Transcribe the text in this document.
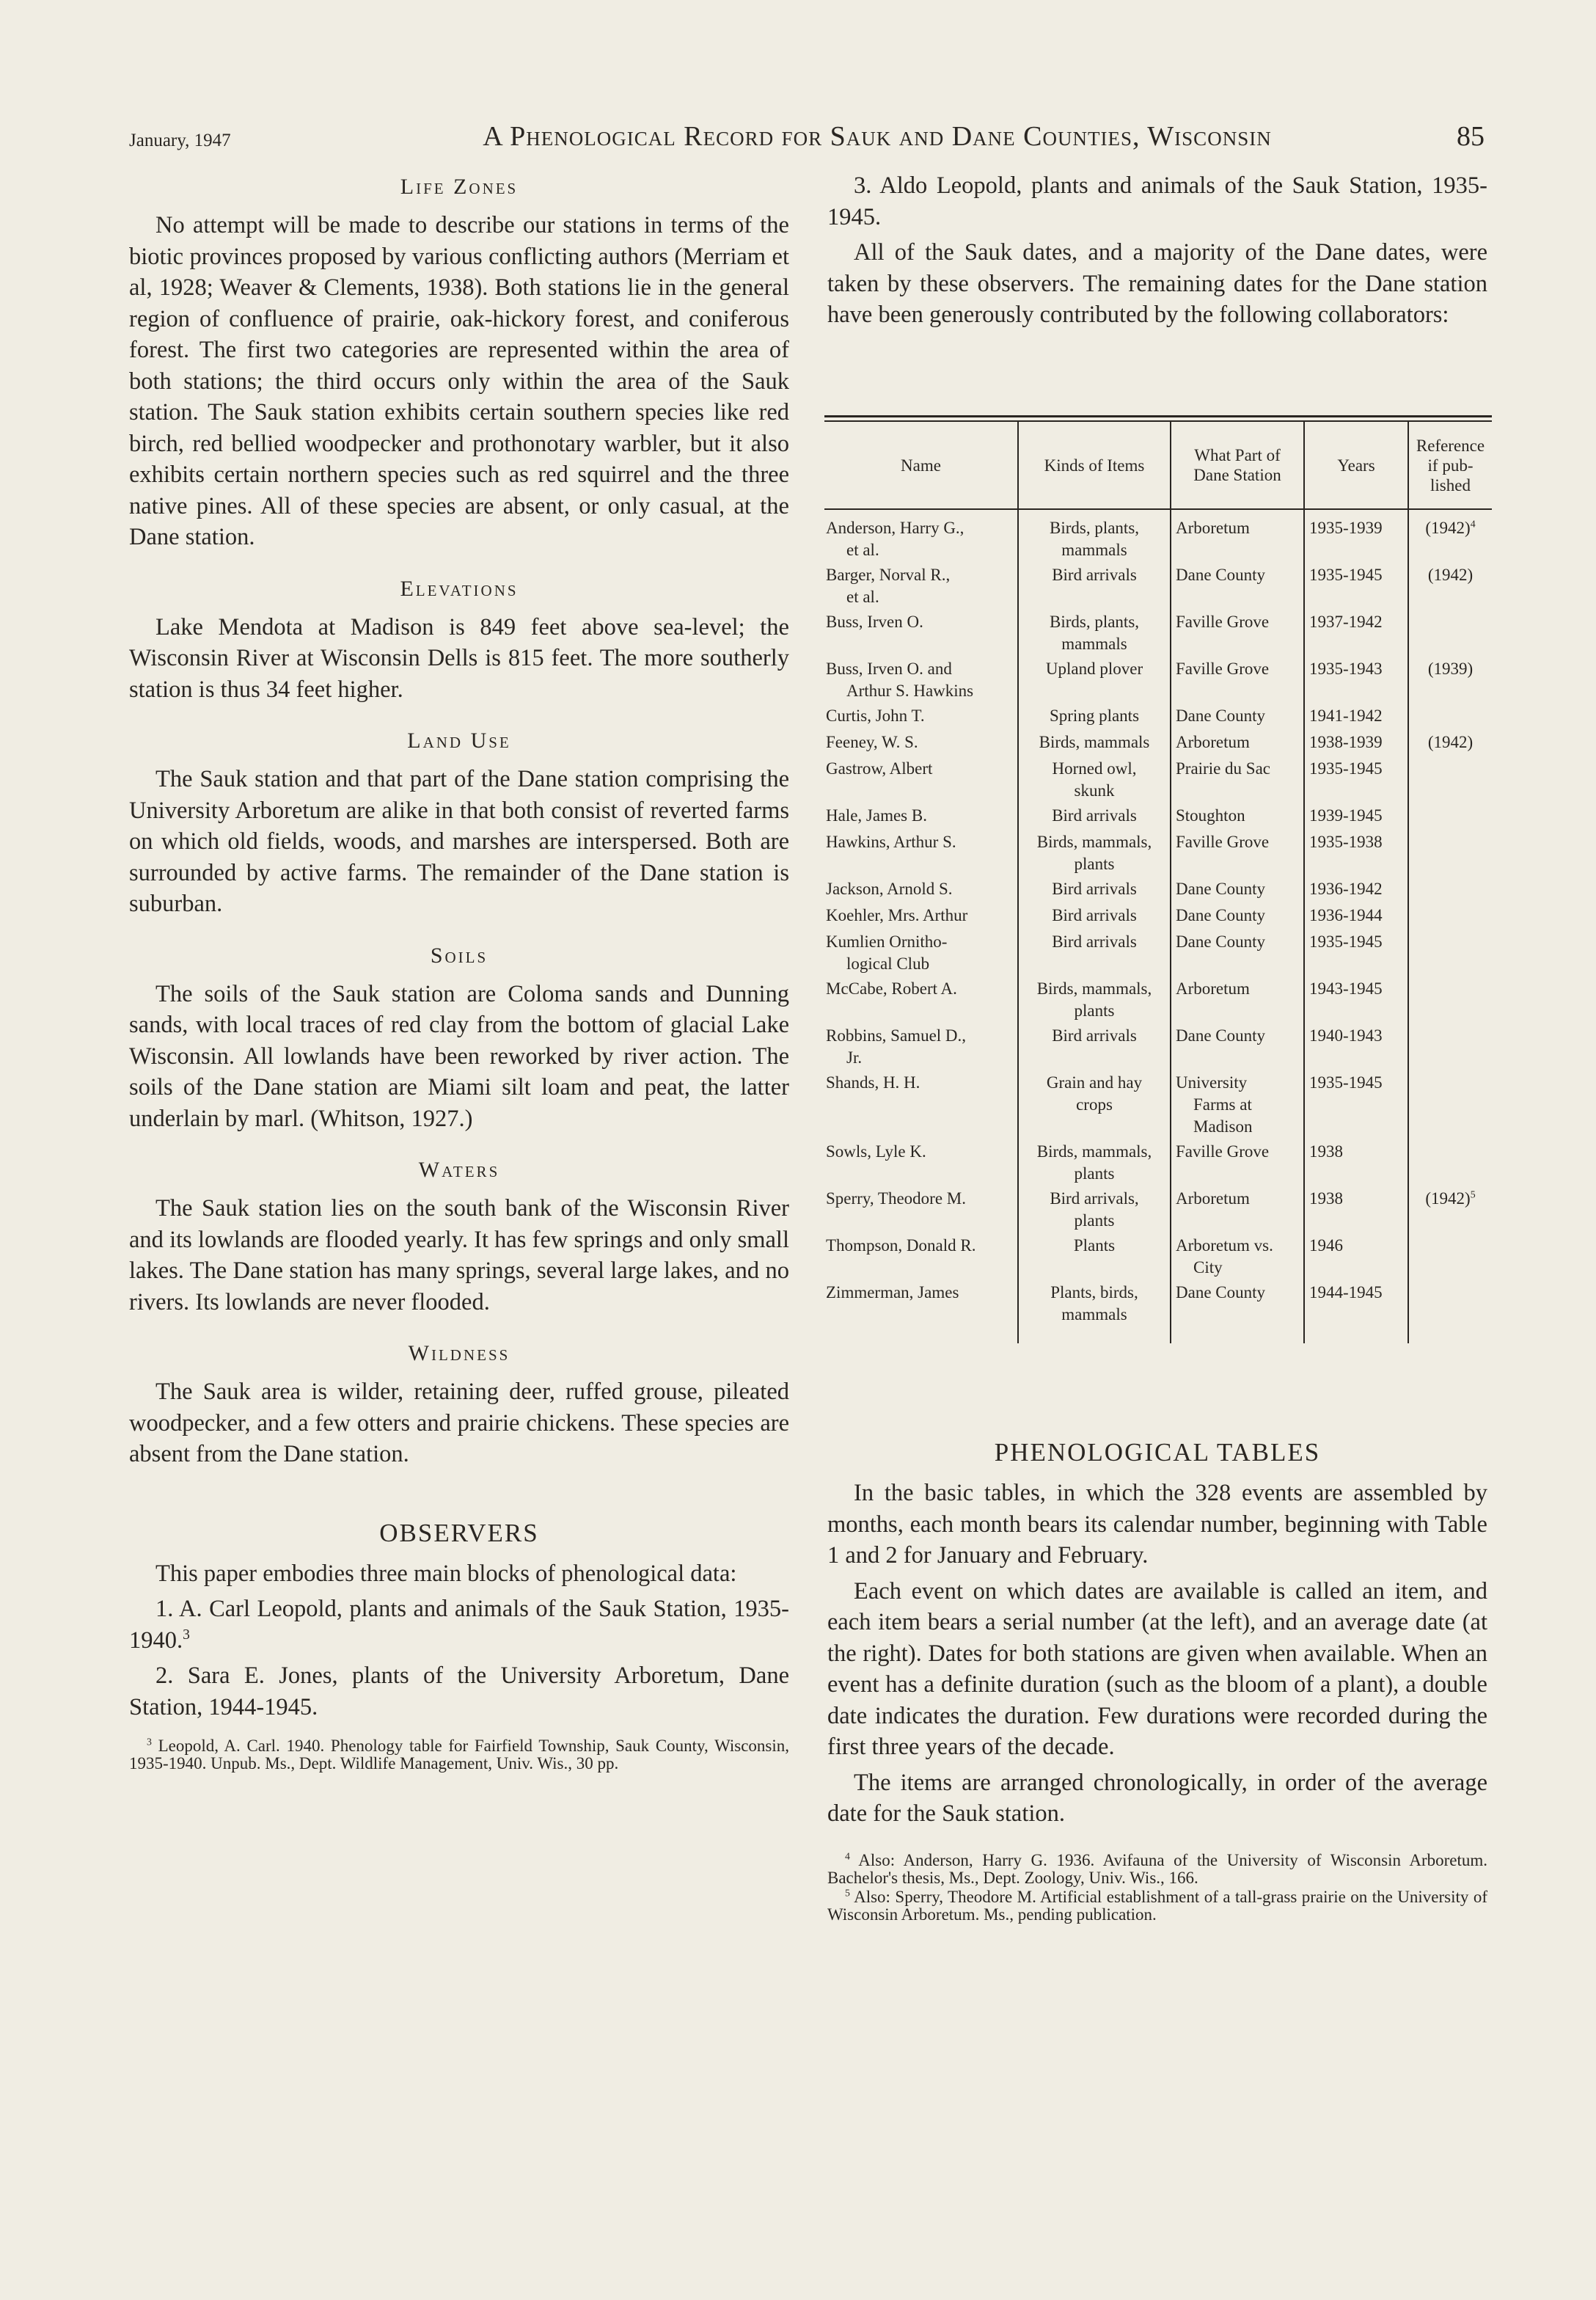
January, 1947	A Phenological Record for Sauk and Dane Counties, Wisconsin	85
Life Zones

No attempt will be made to describe our stations in terms of the biotic provinces proposed by various conflicting authors (Merriam et al, 1928; Weaver & Clements, 1938). Both stations lie in the general region of confluence of prairie, oak-hickory forest, and coniferous forest. The first two categories are represented within the area of both stations; the third occurs only within the area of the Sauk station. The Sauk station exhibits certain southern species like red birch, red bellied woodpecker and prothonotary warbler, but it also exhibits certain northern species such as red squirrel and the three native pines. All of these species are absent, or only casual, at the Dane station.

Elevations

Lake Mendota at Madison is 849 feet above sea-level; the Wisconsin River at Wisconsin Dells is 815 feet. The more southerly station is thus 34 feet higher.

Land Use

The Sauk station and that part of the Dane station comprising the University Arboretum are alike in that both consist of reverted farms on which old fields, woods, and marshes are interspersed. Both are surrounded by active farms. The remainder of the Dane station is suburban.

Soils

The soils of the Sauk station are Coloma sands and Dunning sands, with local traces of red clay from the bottom of glacial Lake Wisconsin. All lowlands have been reworked by river action. The soils of the Dane station are Miami silt loam and peat, the latter underlain by marl. (Whitson, 1927.)

Waters

The Sauk station lies on the south bank of the Wisconsin River and its lowlands are flooded yearly. It has few springs and only small lakes. The Dane station has many springs, several large lakes, and no rivers. Its lowlands are never flooded.

Wildness

The Sauk area is wilder, retaining deer, ruffed grouse, pileated woodpecker, and a few otters and prairie chickens. These species are absent from the Dane station.

OBSERVERS

This paper embodies three main blocks of phenological data:

1. A. Carl Leopold, plants and animals of the Sauk Station, 1935-1940.$^3$

2. Sara E. Jones, plants of the University Arboretum, Dane Station, 1944-1945.

$^3$ Leopold, A. Carl. 1940. Phenology table for Fairfield Township, Sauk County, Wisconsin, 1935-1940. Unpub. Ms., Dept. Wildlife Management, Univ. Wis., 30 pp.

3. Aldo Leopold, plants and animals of the Sauk Station, 1935-1945.

All of the Sauk dates, and a majority of the Dane dates, were taken by these observers. The remaining dates for the Dane station have been generously contributed by the following collaborators:

Name	Kinds of Items	What Part of Dane Station	Years	Reference if pub-lished
Anderson, Harry G.,
et al.	Birds, plants,
mammals	Arboretum	1935-1939	$(1942)^4$
Barger, Norval R.,
et al.	Bird arrivals	Dane County	1935-1945	(1942)
Buss, Irven O.	Birds, plants,
mammals	Faville Grove	1937-1942	
Buss, Irven O. and
Arthur S. Hawkins	Upland plover	Faville Grove	1935-1943	(1939)
Curtis, John T.	Spring plants	Dane County	1941-1942	
Feeney, W. S.	Birds, mammals	Arboretum	1938-1939	(1942)
Gastrow, Albert	Horned owl,
skunk	Prairie du Sac	1935-1945	
Hale, James B.	Bird arrivals	Stoughton	1939-1945	
Hawkins, Arthur S.	Birds, mammals,
plants	Faville Grove	1935-1938	
Jackson, Arnold S.	Bird arrivals	Dane County	1936-1942	
Koehler, Mrs. Arthur	Bird arrivals	Dane County	1936-1944	
Kumlien Ornitho-
logical Club	Bird arrivals	Dane County	1935-1945	
McCabe, Robert A.	Birds, mammals,
plants	Arboretum	1943-1945	
Robbins, Samuel D.,
Jr.	Bird arrivals	Dane County	1940-1943	
Shands, H. H.	Grain and hay
crops	University
Farms at Madison	1935-1945	
Sowls, Lyle K.	Birds, mammals,
plants	Faville Grove	1938	
Sperry, Theodore M.	Bird arrivals,
plants	Arboretum	1938	$(1942)^5$
Thompson, Donald R.	Plants	Arboretum vs.
City	1946	
Zimmerman, James	Plants, birds,
mammals	Dane County	1944-1945	
PHENOLOGICAL TABLES

In the basic tables, in which the 328 events are assembled by months, each month bears its calendar number, beginning with Table 1 and 2 for January and February.

Each event on which dates are available is called an item, and each item bears a serial number (at the left), and an average date (at the right). Dates for both stations are given when available. When an event has a definite duration (such as the bloom of a plant), a double date indicates the duration. Few durations were recorded during the first three years of the decade.

The items are arranged chronologically, in order of the average date for the Sauk station.

$^4$ Also: Anderson, Harry G. 1936. Avifauna of the University of Wisconsin Arboretum. Bachelor's thesis, Ms., Dept. Zoology, Univ. Wis., 166.

$^5$ Also: Sperry, Theodore M. Artificial establishment of a tall-grass prairie on the University of Wisconsin Arboretum. Ms., pending publication.
